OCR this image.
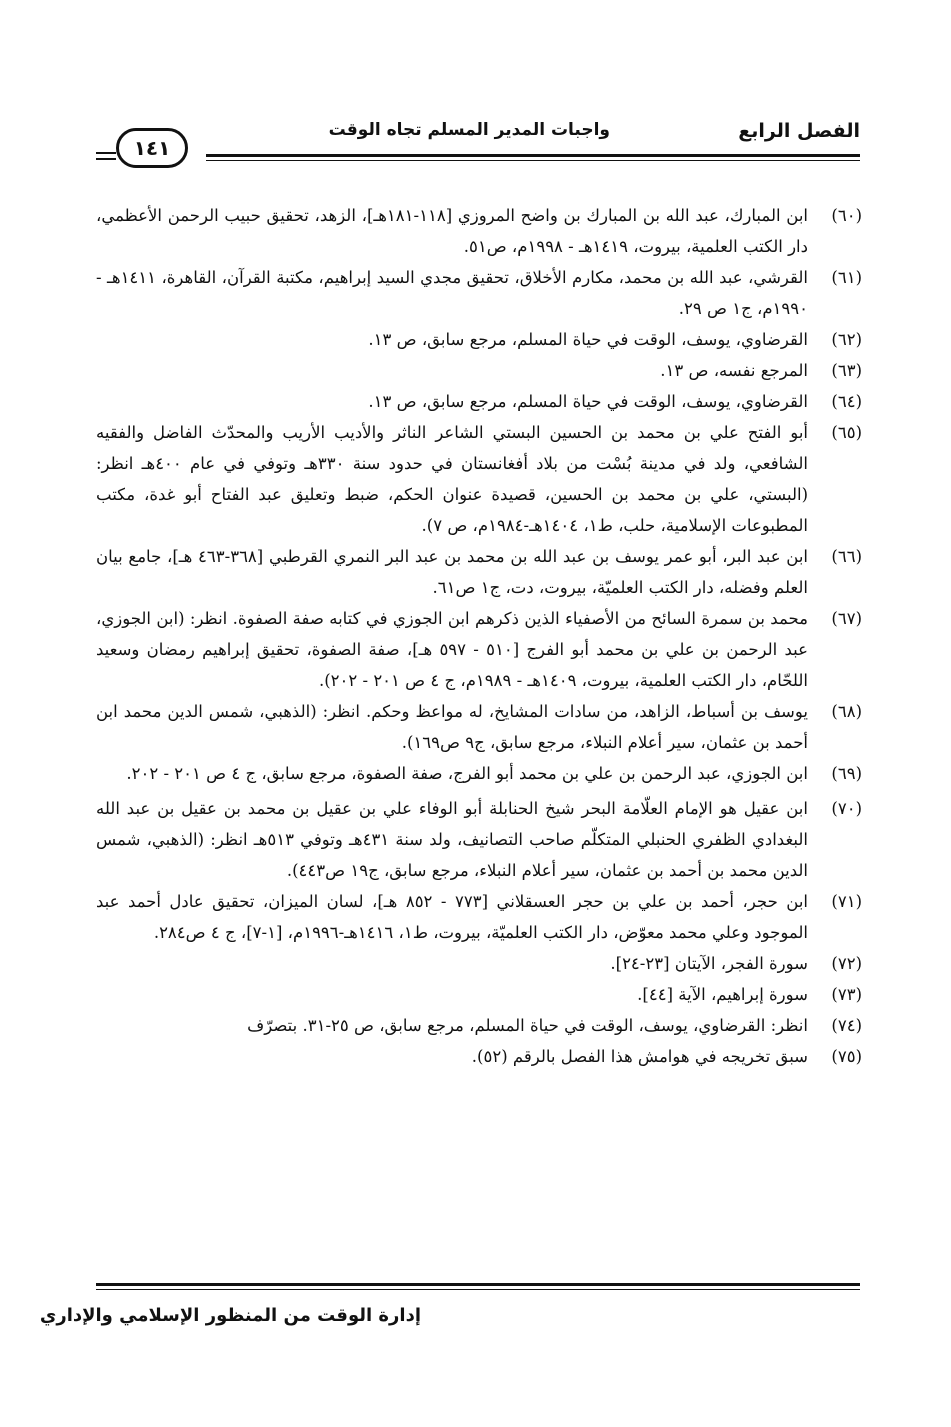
الفصل الرابع
واجبات المدير المسلم تجاه الوقت
١٤١
(٦٠)
ابن المبارك، عبد الله بن المبارك بن واضح المروزي [١١٨-١٨١هـ]، الزهد، تحقيق حبيب الرحمن الأعظمي، دار الكتب العلمية، بيروت، ١٤١٩هـ - ١٩٩٨م، ص٥١.
(٦١)
القرشي، عبد الله بن محمد، مكارم الأخلاق، تحقيق مجدي السيد إبراهيم، مكتبة القرآن، القاهرة، ١٤١١هـ - ١٩٩٠م، ج١ ص ٢٩.
(٦٢)
القرضاوي، يوسف، الوقت في حياة المسلم، مرجع سابق، ص ١٣.
(٦٣)
المرجع نفسه، ص ١٣.
(٦٤)
القرضاوي، يوسف، الوقت في حياة المسلم، مرجع سابق، ص ١٣.
(٦٥)
أبو الفتح علي بن محمد بن الحسين البستي الشاعر الناثر والأديب الأريب والمحدّث الفاضل والفقيه الشافعي، ولد في مدينة بُسْت من بلاد أفغانستان في حدود سنة ٣٣٠هـ وتوفي في عام ٤٠٠هـ انظر: (البستي، علي بن محمد بن الحسين، قصيدة عنوان الحكم، ضبط وتعليق عبد الفتاح أبو غدة، مكتب المطبوعات الإسلامية، حلب، ط١، ١٤٠٤هـ-١٩٨٤م، ص ٧).
(٦٦)
ابن عبد البر، أبو عمر يوسف بن عبد الله بن محمد بن عبد البر النمري القرطبي [٣٦٨-٤٦٣ هـ]، جامع بيان العلم وفضله، دار الكتب العلميّة، بيروت، دت، ج١ ص٦١.
(٦٧)
محمد بن سمرة السائح من الأصفياء الذين ذكرهم ابن الجوزي في كتابه صفة الصفوة. انظر: (ابن الجوزي، عبد الرحمن بن علي بن محمد أبو الفرج [٥١٠ - ٥٩٧ هـ]، صفة الصفوة، تحقيق إبراهيم رمضان وسعيد اللحّام، دار الكتب العلمية، بيروت، ١٤٠٩هـ - ١٩٨٩م، ج ٤ ص ٢٠١ - ٢٠٢).
(٦٨)
يوسف بن أسباط، الزاهد، من سادات المشايخ، له مواعظ وحكم. انظر: (الذهبي، شمس الدين محمد ابن أحمد بن عثمان، سير أعلام النبلاء، مرجع سابق، ج٩ ص١٦٩).
(٦٩)
ابن الجوزي، عبد الرحمن بن علي بن محمد أبو الفرج، صفة الصفوة، مرجع سابق، ج ٤ ص ٢٠١ - ٢٠٢.
(٧٠)
ابن عقيل هو الإمام العلّامة البحر شيخ الحنابلة أبو الوفاء علي بن عقيل بن محمد بن عقيل بن عبد الله البغدادي الظفري الحنبلي المتكلّم صاحب التصانيف، ولد سنة ٤٣١هـ وتوفي ٥١٣هـ انظر: (الذهبي، شمس الدين محمد بن أحمد بن عثمان، سير أعلام النبلاء، مرجع سابق، ج١٩ ص٤٤٣).
(٧١)
ابن حجر، أحمد بن علي بن حجر العسقلاني [٧٧٣ - ٨٥٢ هـ]، لسان الميزان، تحقيق عادل أحمد عبد الموجود وعلي محمد معوّض، دار الكتب العلميّة، بيروت، ط١، ١٤١٦هـ-١٩٩٦م، [١-٧]، ج ٤ ص٢٨٤.
(٧٢)
سورة الفجر، الآيتان [٢٣-٢٤].
(٧٣)
سورة إبراهيم، الآية [٤٤].
(٧٤)
انظر: القرضاوي، يوسف، الوقت في حياة المسلم، مرجع سابق، ص ٢٥-٣١. بتصرّف
(٧٥)
سبق تخريجه في هوامش هذا الفصل بالرقم (٥٢).
إدارة الوقت من المنظور الإسلامي والإداري
